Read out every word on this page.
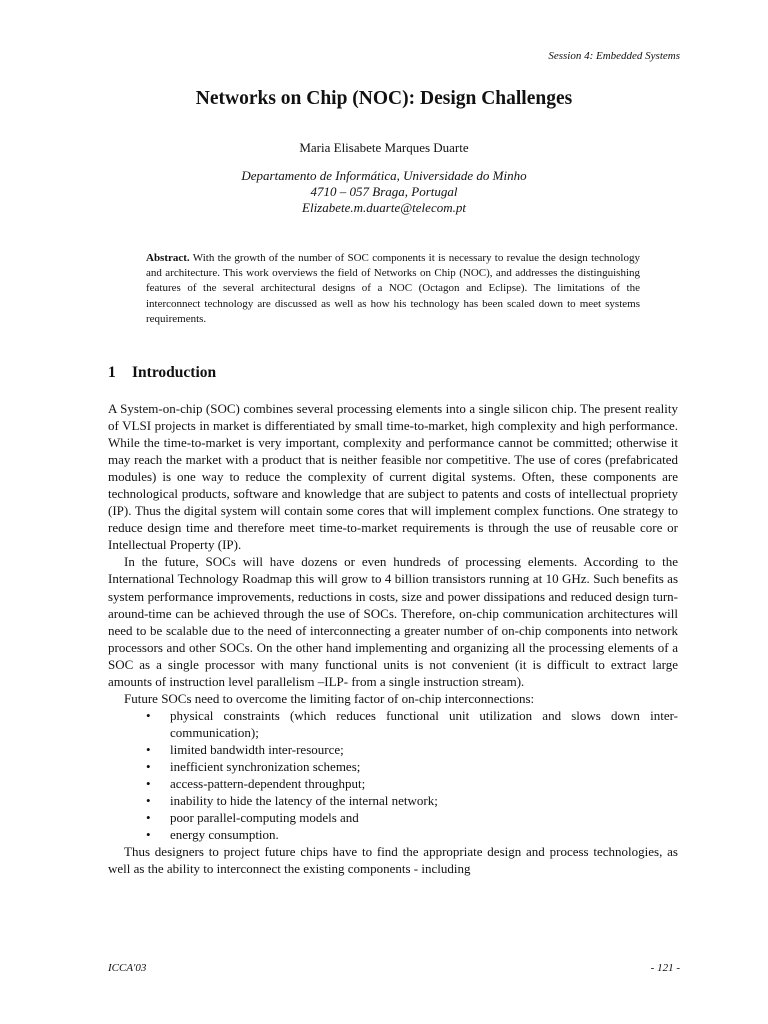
Session 4: Embedded Systems
Networks on Chip (NOC): Design Challenges
Maria Elisabete Marques Duarte
Departamento de Informática, Universidade do Minho
4710 – 057 Braga, Portugal
Elizabete.m.duarte@telecom.pt
Abstract. With the growth of the number of SOC components it is necessary to revalue the design technology and architecture. This work overviews the field of Networks on Chip (NOC), and addresses the distinguishing features of the several architectural designs of a NOC (Octagon and Eclipse). The limitations of the interconnect technology are discussed as well as how his technology has been scaled down to meet systems requirements.
1 Introduction

A System-on-chip (SOC) combines several processing elements into a single silicon chip. The present reality of VLSI projects in market is differentiated by small time-to-market, high complexity and high performance. While the time-to-market is very important, complexity and performance cannot be committed; otherwise it may reach the market with a product that is neither feasible nor competitive. The use of cores (prefabricated modules) is one way to reduce the complexity of current digital systems. Often, these components are technological products, software and knowledge that are subject to patents and costs of intellectual propriety (IP). Thus the digital system will contain some cores that will implement complex functions. One strategy to reduce design time and therefore meet time-to-market requirements is through the use of reusable core or Intellectual Property (IP).

In the future, SOCs will have dozens or even hundreds of processing elements. According to the International Technology Roadmap this will grow to 4 billion transistors running at 10 GHz. Such benefits as system performance improvements, reductions in costs, size and power dissipations and reduced design turn-around-time can be achieved through the use of SOCs. Therefore, on-chip communication architectures will need to be scalable due to the need of interconnecting a greater number of on-chip components into network processors and other SOCs. On the other hand implementing and organizing all the processing elements of a SOC as a single processor with many functional units is not convenient (it is difficult to extract large amounts of instruction level parallelism –ILP- from a single instruction stream).

Future SOCs need to overcome the limiting factor of on-chip interconnections:

• physical constraints (which reduces functional unit utilization and slows down inter-communication);
• limited bandwidth inter-resource;
• inefficient synchronization schemes;
• access-pattern-dependent throughput;
• inability to hide the latency of the internal network;
• poor parallel-computing models and
• energy consumption.

Thus designers to project future chips have to find the appropriate design and process technologies, as well as the ability to interconnect the existing components - including

ICCA'03	- 121 -
